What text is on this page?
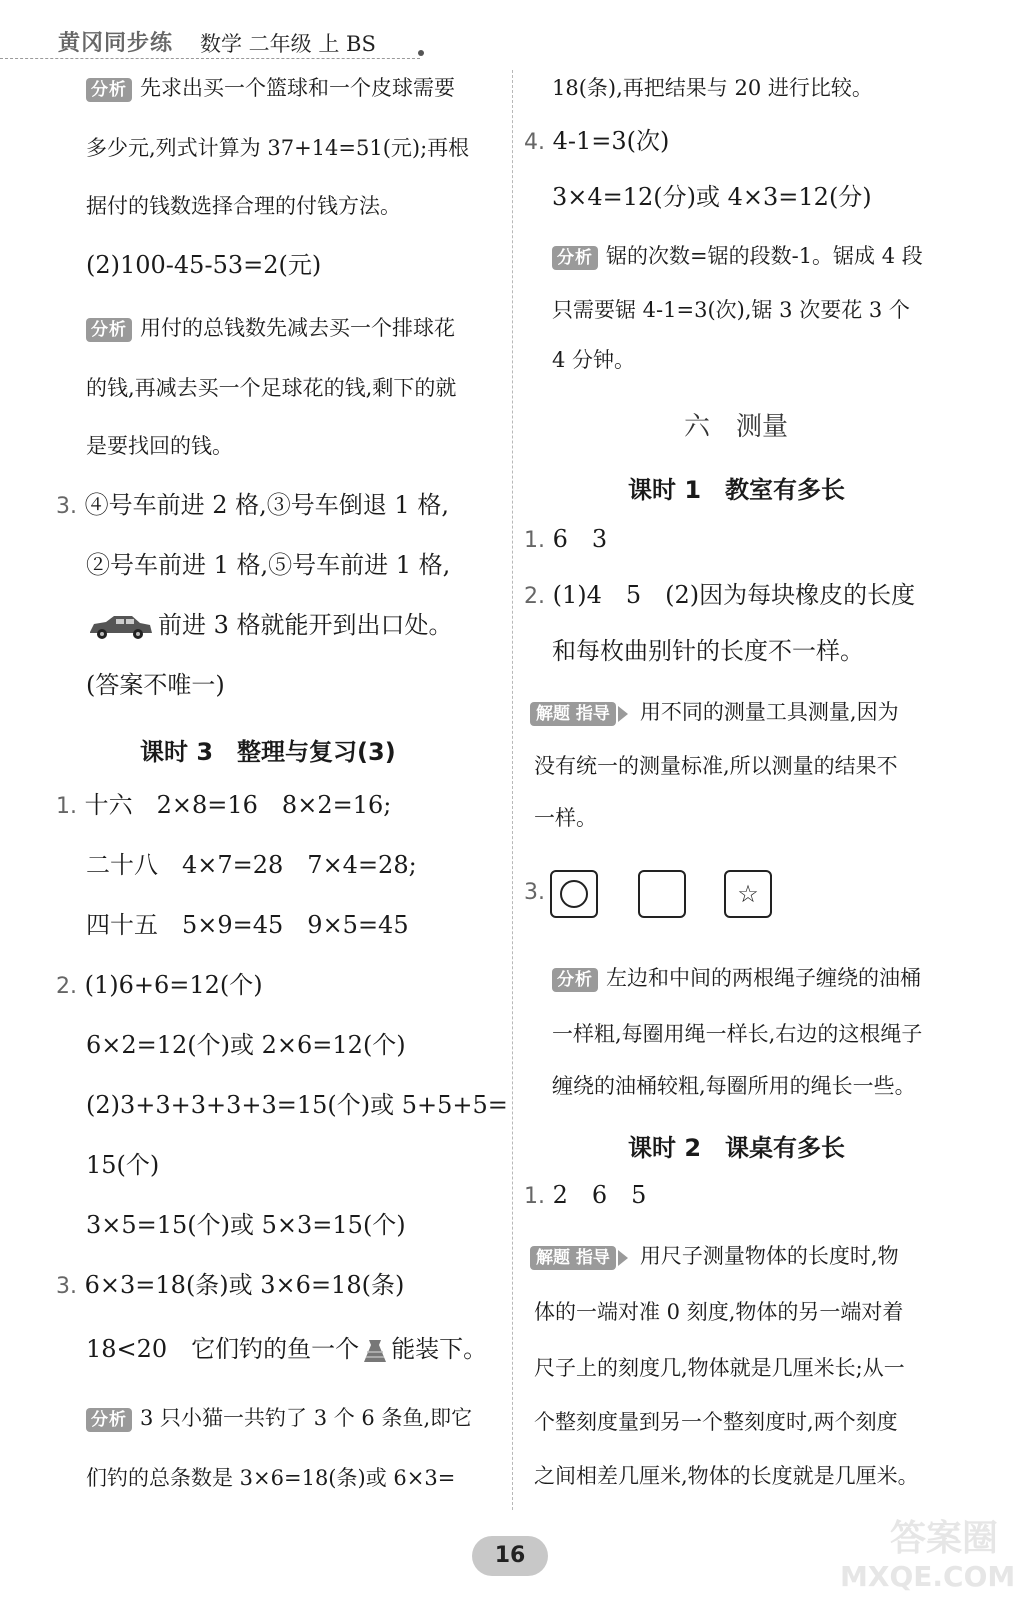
黄冈同步练 数学 二年级 上 BS
分析 先求出买一个篮球和一个皮球需要
多少元,列式计算为 37+14=51(元);再根
据付的钱数选择合理的付钱方法。
(2)100-45-53=2(元)
分析 用付的总钱数先减去买一个排球花
的钱,再减去买一个足球花的钱,剩下的就
是要找回的钱。
3. ④号车前进 2 格,③号车倒退 1 格,
②号车前进 1 格,⑤号车前进 1 格,
前进 3 格就能开到出口处。
(答案不唯一)
课时 3　整理与复习(3)
1. 十六　2×8=16　8×2=16;
二十八　4×7=28　7×4=28;
四十五　5×9=45　9×5=45
2. (1)6+6=12(个)
6×2=12(个)或 2×6=12(个)
(2)3+3+3+3+3=15(个)或 5+5+5=
15(个)
3×5=15(个)或 5×3=15(个)
3. 6×3=18(条)或 3×6=18(条)
18<20　它们钓的鱼一个 能装下。
分析 3 只小猫一共钓了 3 个 6 条鱼,即它
们钓的总条数是 3×6=18(条)或 6×3=
18(条),再把结果与 20 进行比较。
4. 4-1=3(次)
3×4=12(分)或 4×3=12(分)
分析 锯的次数=锯的段数-1。锯成 4 段
只需要锯 4-1=3(次),锯 3 次要花 3 个
4 分钟。
六　测量
课时 1　教室有多长
1. 6　3
2. (1)4　5　(2)因为每块橡皮的长度
和每枚曲别针的长度不一样。
解题 指导 用不同的测量工具测量,因为
没有统一的测量标准,所以测量的结果不
一样。
3.	☆
分析 左边和中间的两根绳子缠绕的油桶
一样粗,每圈用绳一样长,右边的这根绳子
缠绕的油桶较粗,每圈所用的绳长一些。
课时 2　课桌有多长
1. 2　6　5
解题 指导 用尺子测量物体的长度时,物
体的一端对准 0 刻度,物体的另一端对着
尺子上的刻度几,物体就是几厘米长;从一
个整刻度量到另一个整刻度时,两个刻度
之间相差几厘米,物体的长度就是几厘米。
答案圈
MXQE.COM
16
